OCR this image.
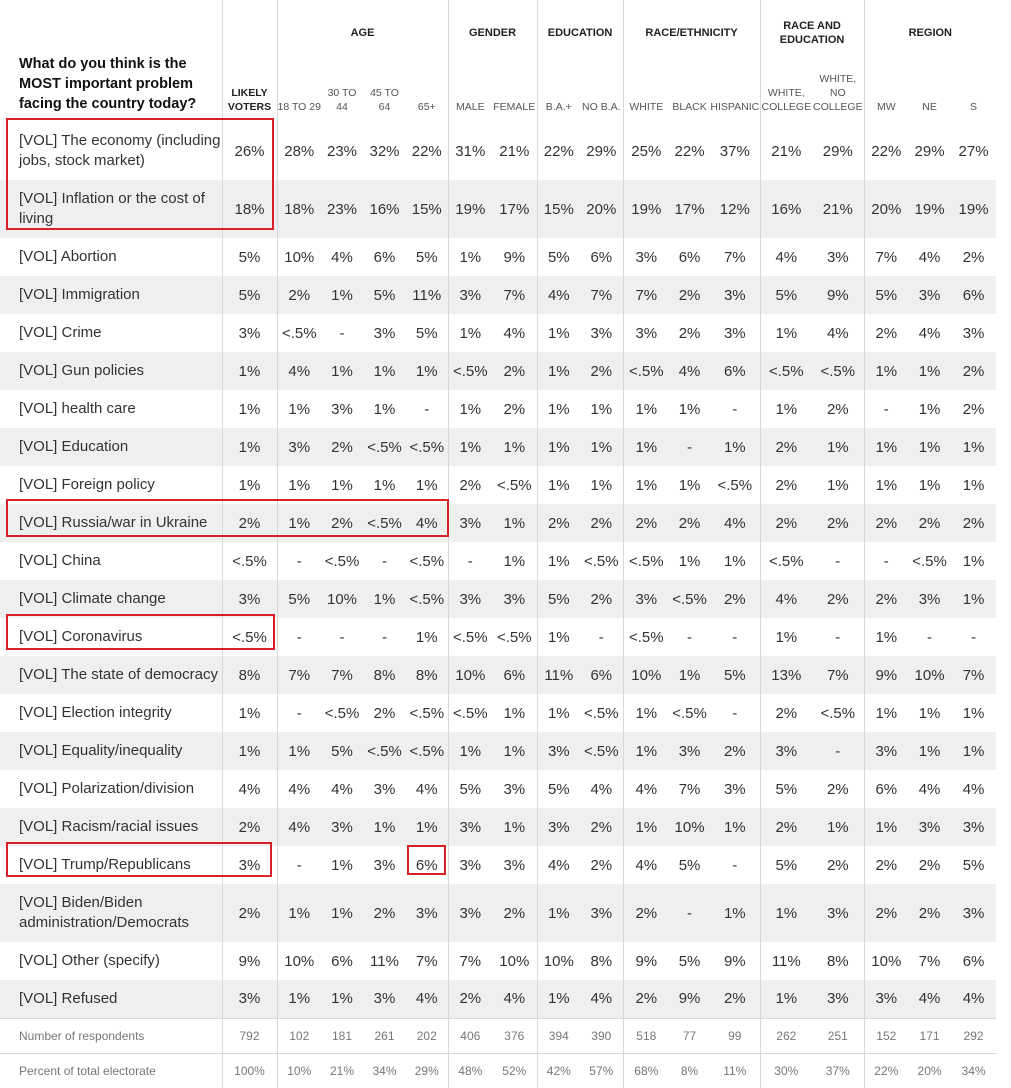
What do you think is the MOST important problem facing the country today?		AGE				GENDER		EDUCATION		RACE/ETHNICITY			RACE AND EDUCATION		REGION		
	LIKELY VOTERS	18 TO 29	30 TO 44	45 TO 64	65+	MALE	FEMALE	B.A.+	NO B.A.	WHITE	BLACK	HISPANIC	WHITE, COLLEGE	WHITE, NO COLLEGE	MW	NE	S

[VOL] The economy (including jobs, stock market)	26%	28%	23%	32%	22%	31%	21%	22%	29%	25%	22%	37%	21%	29%	22%	29%	27%

[VOL] Inflation or the cost of living	18%	18%	23%	16%	15%	19%	17%	15%	20%	19%	17%	12%	16%	21%	20%	19%	19%

[VOL] Abortion	5%	10%	4%	6%	5%	1%	9%	5%	6%	3%	6%	7%	4%	3%	7%	4%	2%

[VOL] Immigration	5%	2%	1%	5%	11%	3%	7%	4%	7%	7%	2%	3%	5%	9%	5%	3%	6%

[VOL] Crime	3%	<.5%	-	3%	5%	1%	4%	1%	3%	3%	2%	3%	1%	4%	2%	4%	3%

[VOL] Gun policies	1%	4%	1%	1%	1%	<.5%	2%	1%	2%	<.5%	4%	6%	<.5%	<.5%	1%	1%	2%

[VOL] health care	1%	1%	3%	1%	-	1%	2%	1%	1%	1%	1%	-	1%	2%	-	1%	2%

[VOL] Education	1%	3%	2%	<.5%	<.5%	1%	1%	1%	1%	1%	-	1%	2%	1%	1%	1%	1%

[VOL] Foreign policy	1%	1%	1%	1%	1%	2%	<.5%	1%	1%	1%	1%	<.5%	2%	1%	1%	1%	1%

[VOL] Russia/war in Ukraine	2%	1%	2%	<.5%	4%	3%	1%	2%	2%	2%	2%	4%	2%	2%	2%	2%	2%

[VOL] China	<.5%	-	<.5%	-	<.5%	-	1%	1%	<.5%	<.5%	1%	1%	<.5%	-	-	<.5%	1%

[VOL] Climate change	3%	5%	10%	1%	<.5%	3%	3%	5%	2%	3%	<.5%	2%	4%	2%	2%	3%	1%

[VOL] Coronavirus	<.5%	-	-	-	1%	<.5%	<.5%	1%	-	<.5%	-	-	1%	-	1%	-	-

[VOL] The state of democracy	8%	7%	7%	8%	8%	10%	6%	11%	6%	10%	1%	5%	13%	7%	9%	10%	7%

[VOL] Election integrity	1%	-	<.5%	2%	<.5%	<.5%	1%	1%	<.5%	1%	<.5%	-	2%	<.5%	1%	1%	1%

[VOL] Equality/inequality	1%	1%	5%	<.5%	<.5%	1%	1%	3%	<.5%	1%	3%	2%	3%	-	3%	1%	1%

[VOL] Polarization/division	4%	4%	4%	3%	4%	5%	3%	5%	4%	4%	7%	3%	5%	2%	6%	4%	4%

[VOL] Racism/racial issues	2%	4%	3%	1%	1%	3%	1%	3%	2%	1%	10%	1%	2%	1%	1%	3%	3%

[VOL] Trump/Republicans	3%	-	1%	3%	6%	3%	3%	4%	2%	4%	5%	-	5%	2%	2%	2%	5%

[VOL] Biden/Biden administration/Democrats	2%	1%	1%	2%	3%	3%	2%	1%	3%	2%	-	1%	1%	3%	2%	2%	3%

[VOL] Other (specify)	9%	10%	6%	11%	7%	7%	10%	10%	8%	9%	5%	9%	11%	8%	10%	7%	6%

[VOL] Refused	3%	1%	1%	3%	4%	2%	4%	1%	4%	2%	9%	2%	1%	3%	3%	4%	4%
Number of respondents	792	102	181	261	202	406	376	394	390	518	77	99	262	251	152	171	292
Percent of total electorate	100%	10%	21%	34%	29%	48%	52%	42%	57%	68%	8%	11%	30%	37%	22%	20%	34%
